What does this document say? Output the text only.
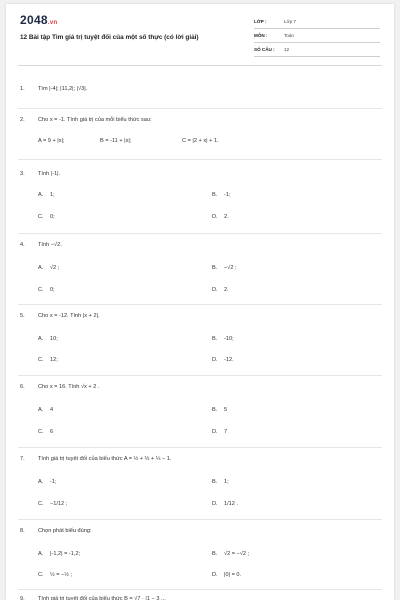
2048.vn
12 Bài tập Tìm giá trị tuyệt đối của một số thực (có lời giải)
LỚP :	Lớp 7
MÔN :	Toán
SỐ CÂU : 12
1. Tìm |-4|; |11,2|; |√3|.
2. Cho x = -1. Tính giá trị của mỗi biểu thức sau:
A = 9 + |x|;	B = -11 + |x|;	C = |2 + x| + 1.
3. Tính |-1|.
A. 1;	B. -1;
C. 0;	D. 2.
4. Tính −√2.
A. √2 ;	B. −√2 ;
C. 0;	D. 2.
5. Cho x = -12. Tính |x + 2|.
A. 10;	B. -10;
C. 12;	D. -12.
6. Cho x = 16. Tính √x + 2 .
A. 4	B. 5
C. 6	D. 7
7. Tính giá trị tuyệt đối của biểu thức A = ½ + ⅓ + ¼ − 1.
A. -1;	B. 1;
C. −1/12 ;	D. 1/12 .
8. Chọn phát biểu đúng:
A. |-1,2| = -1,2;	B. √2 = −√2 ;
C. ½ = −½ ;	D. |0| = 0.
9. Tính giá trị tuyệt đối của biểu thức B = √7 · |1 − 3 ...
